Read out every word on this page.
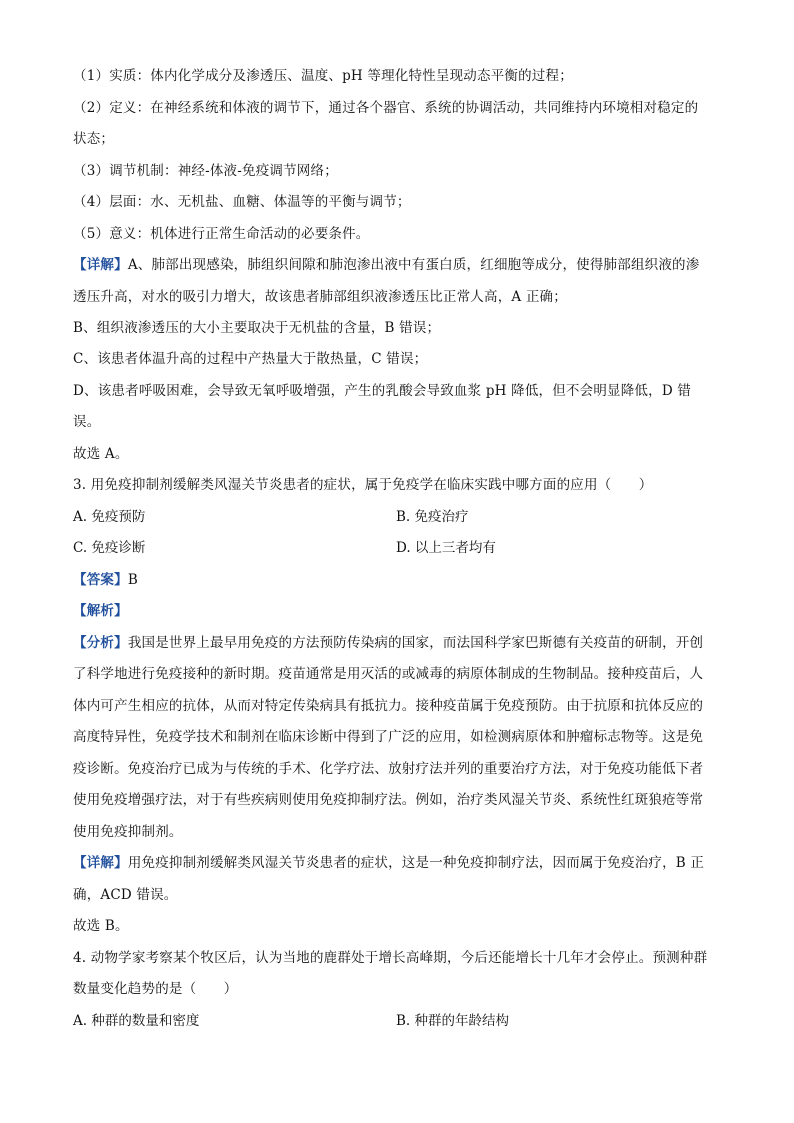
（1）实质：体内化学成分及渗透压、温度、pH 等理化特性呈现动态平衡的过程；
（2）定义：在神经系统和体液的调节下，通过各个器官、系统的协调活动，共同维持内环境相对稳定的
状态；
（3）调节机制：神经-体液-免疫调节网络；
（4）层面：水、无机盐、血糖、体温等的平衡与调节；
（5）意义：机体进行正常生命活动的必要条件。
【详解】A、肺部出现感染，肺组织间隙和肺泡渗出液中有蛋白质，红细胞等成分，使得肺部组织液的渗
透压升高，对水的吸引力增大，故该患者肺部组织液渗透压比正常人高，A 正确；
B、组织液渗透压的大小主要取决于无机盐的含量，B 错误；
C、该患者体温升高的过程中产热量大于散热量，C 错误；
D、该患者呼吸困难，会导致无氧呼吸增强，产生的乳酸会导致血浆 pH 降低，但不会明显降低，D 错
误。
故选 A。
3. 用免疫抑制剂缓解类风湿关节炎患者的症状，属于免疫学在临床实践中哪方面的应用（　　）
A. 免疫预防	B. 免疫治疗
C. 免疫诊断	D. 以上三者均有
【答案】B
【解析】
【分析】我国是世界上最早用免疫的方法预防传染病的国家，而法国科学家巴斯德有关疫苗的研制，开创
了科学地进行免疫接种的新时期。疫苗通常是用灭活的或减毒的病原体制成的生物制品。接种疫苗后，人
体内可产生相应的抗体，从而对特定传染病具有抵抗力。接种疫苗属于免疫预防。由于抗原和抗体反应的
高度特异性，免疫学技术和制剂在临床诊断中得到了广泛的应用，如检测病原体和肿瘤标志物等。这是免
疫诊断。免疫治疗已成为与传统的手术、化学疗法、放射疗法并列的重要治疗方法，对于免疫功能低下者
使用免疫增强疗法，对于有些疾病则使用免疫抑制疗法。例如，治疗类风湿关节炎、系统性红斑狼疮等常
使用免疫抑制剂。
【详解】用免疫抑制剂缓解类风湿关节炎患者的症状，这是一种免疫抑制疗法，因而属于免疫治疗，B 正
确，ACD 错误。
故选 B。
4. 动物学家考察某个牧区后，认为当地的鹿群处于增长高峰期，今后还能增长十几年才会停止。预测种群
数量变化趋势的是（　　）
A. 种群的数量和密度	B. 种群的年龄结构
